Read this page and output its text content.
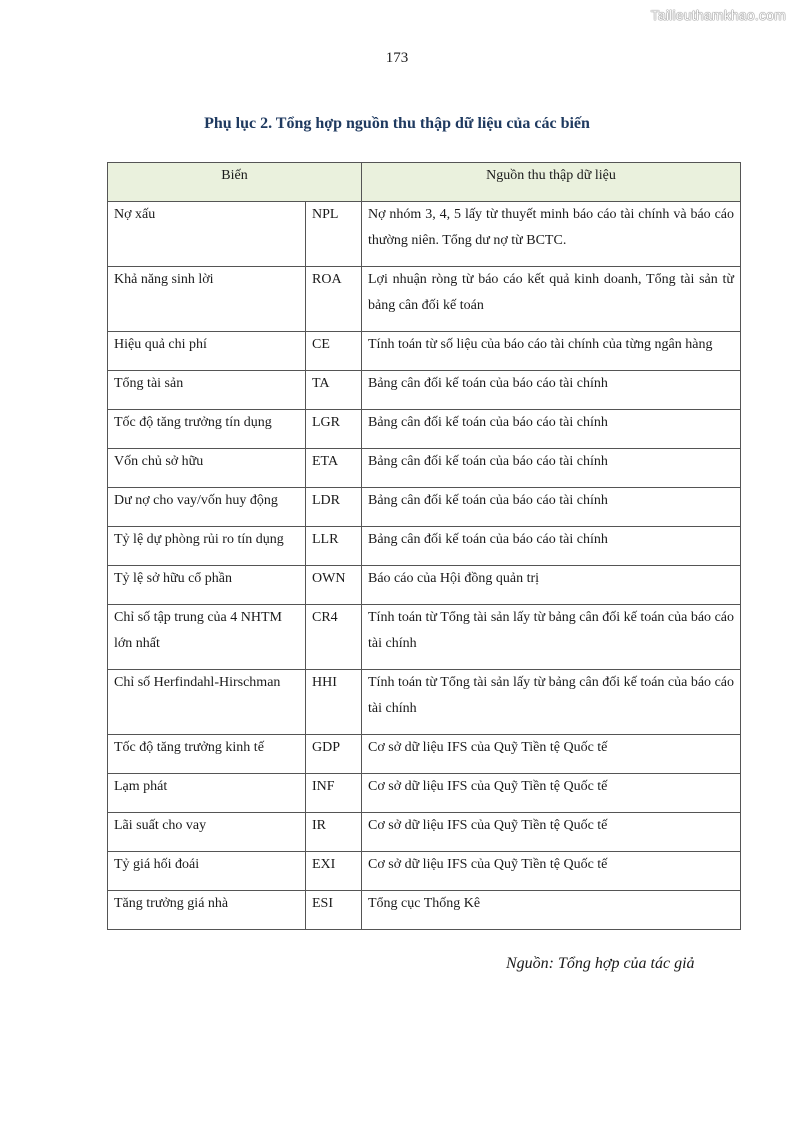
Tailieuthamkhao.com
173
Phụ lục 2. Tổng hợp nguồn thu thập dữ liệu của các biến
Biến		Nguồn thu thập dữ liệu
Nợ xấu	NPL	Nợ nhóm 3, 4, 5 lấy từ thuyết minh báo cáo tài chính và báo cáo thường niên. Tổng dư nợ từ BCTC.
Khả năng sinh lời	ROA	Lợi nhuận ròng từ báo cáo kết quả kinh doanh, Tổng tài sản từ bảng cân đối kế toán
Hiệu quả chi phí	CE	Tính toán từ số liệu của báo cáo tài chính của từng ngân hàng
Tổng tài sản	TA	Bảng cân đối kế toán của báo cáo tài chính
Tốc độ tăng trưởng tín dụng	LGR	Bảng cân đối kế toán của báo cáo tài chính
Vốn chủ sở hữu	ETA	Bảng cân đối kế toán của báo cáo tài chính
Dư nợ cho vay/vốn huy động	LDR	Bảng cân đối kế toán của báo cáo tài chính
Tỷ lệ dự phòng rủi ro tín dụng	LLR	Bảng cân đối kế toán của báo cáo tài chính
Tỷ lệ sở hữu cổ phần	OWN	Báo cáo của Hội đồng quản trị
Chỉ số tập trung của 4 NHTM lớn nhất	CR4	Tính toán từ Tổng tài sản lấy từ bảng cân đối kế toán của báo cáo tài chính
Chỉ số Herfindahl-Hirschman	HHI	Tính toán từ Tổng tài sản lấy từ bảng cân đối kế toán của báo cáo tài chính
Tốc độ tăng trưởng kinh tế	GDP	Cơ sở dữ liệu IFS của Quỹ Tiền tệ Quốc tế
Lạm phát	INF	Cơ sở dữ liệu IFS của Quỹ Tiền tệ Quốc tế
Lãi suất cho vay	IR	Cơ sở dữ liệu IFS của Quỹ Tiền tệ Quốc tế
Tỷ giá hối đoái	EXI	Cơ sở dữ liệu IFS của Quỹ Tiền tệ Quốc tế
Tăng trưởng giá nhà	ESI	Tổng cục Thống Kê
Nguồn: Tổng hợp của tác giả
